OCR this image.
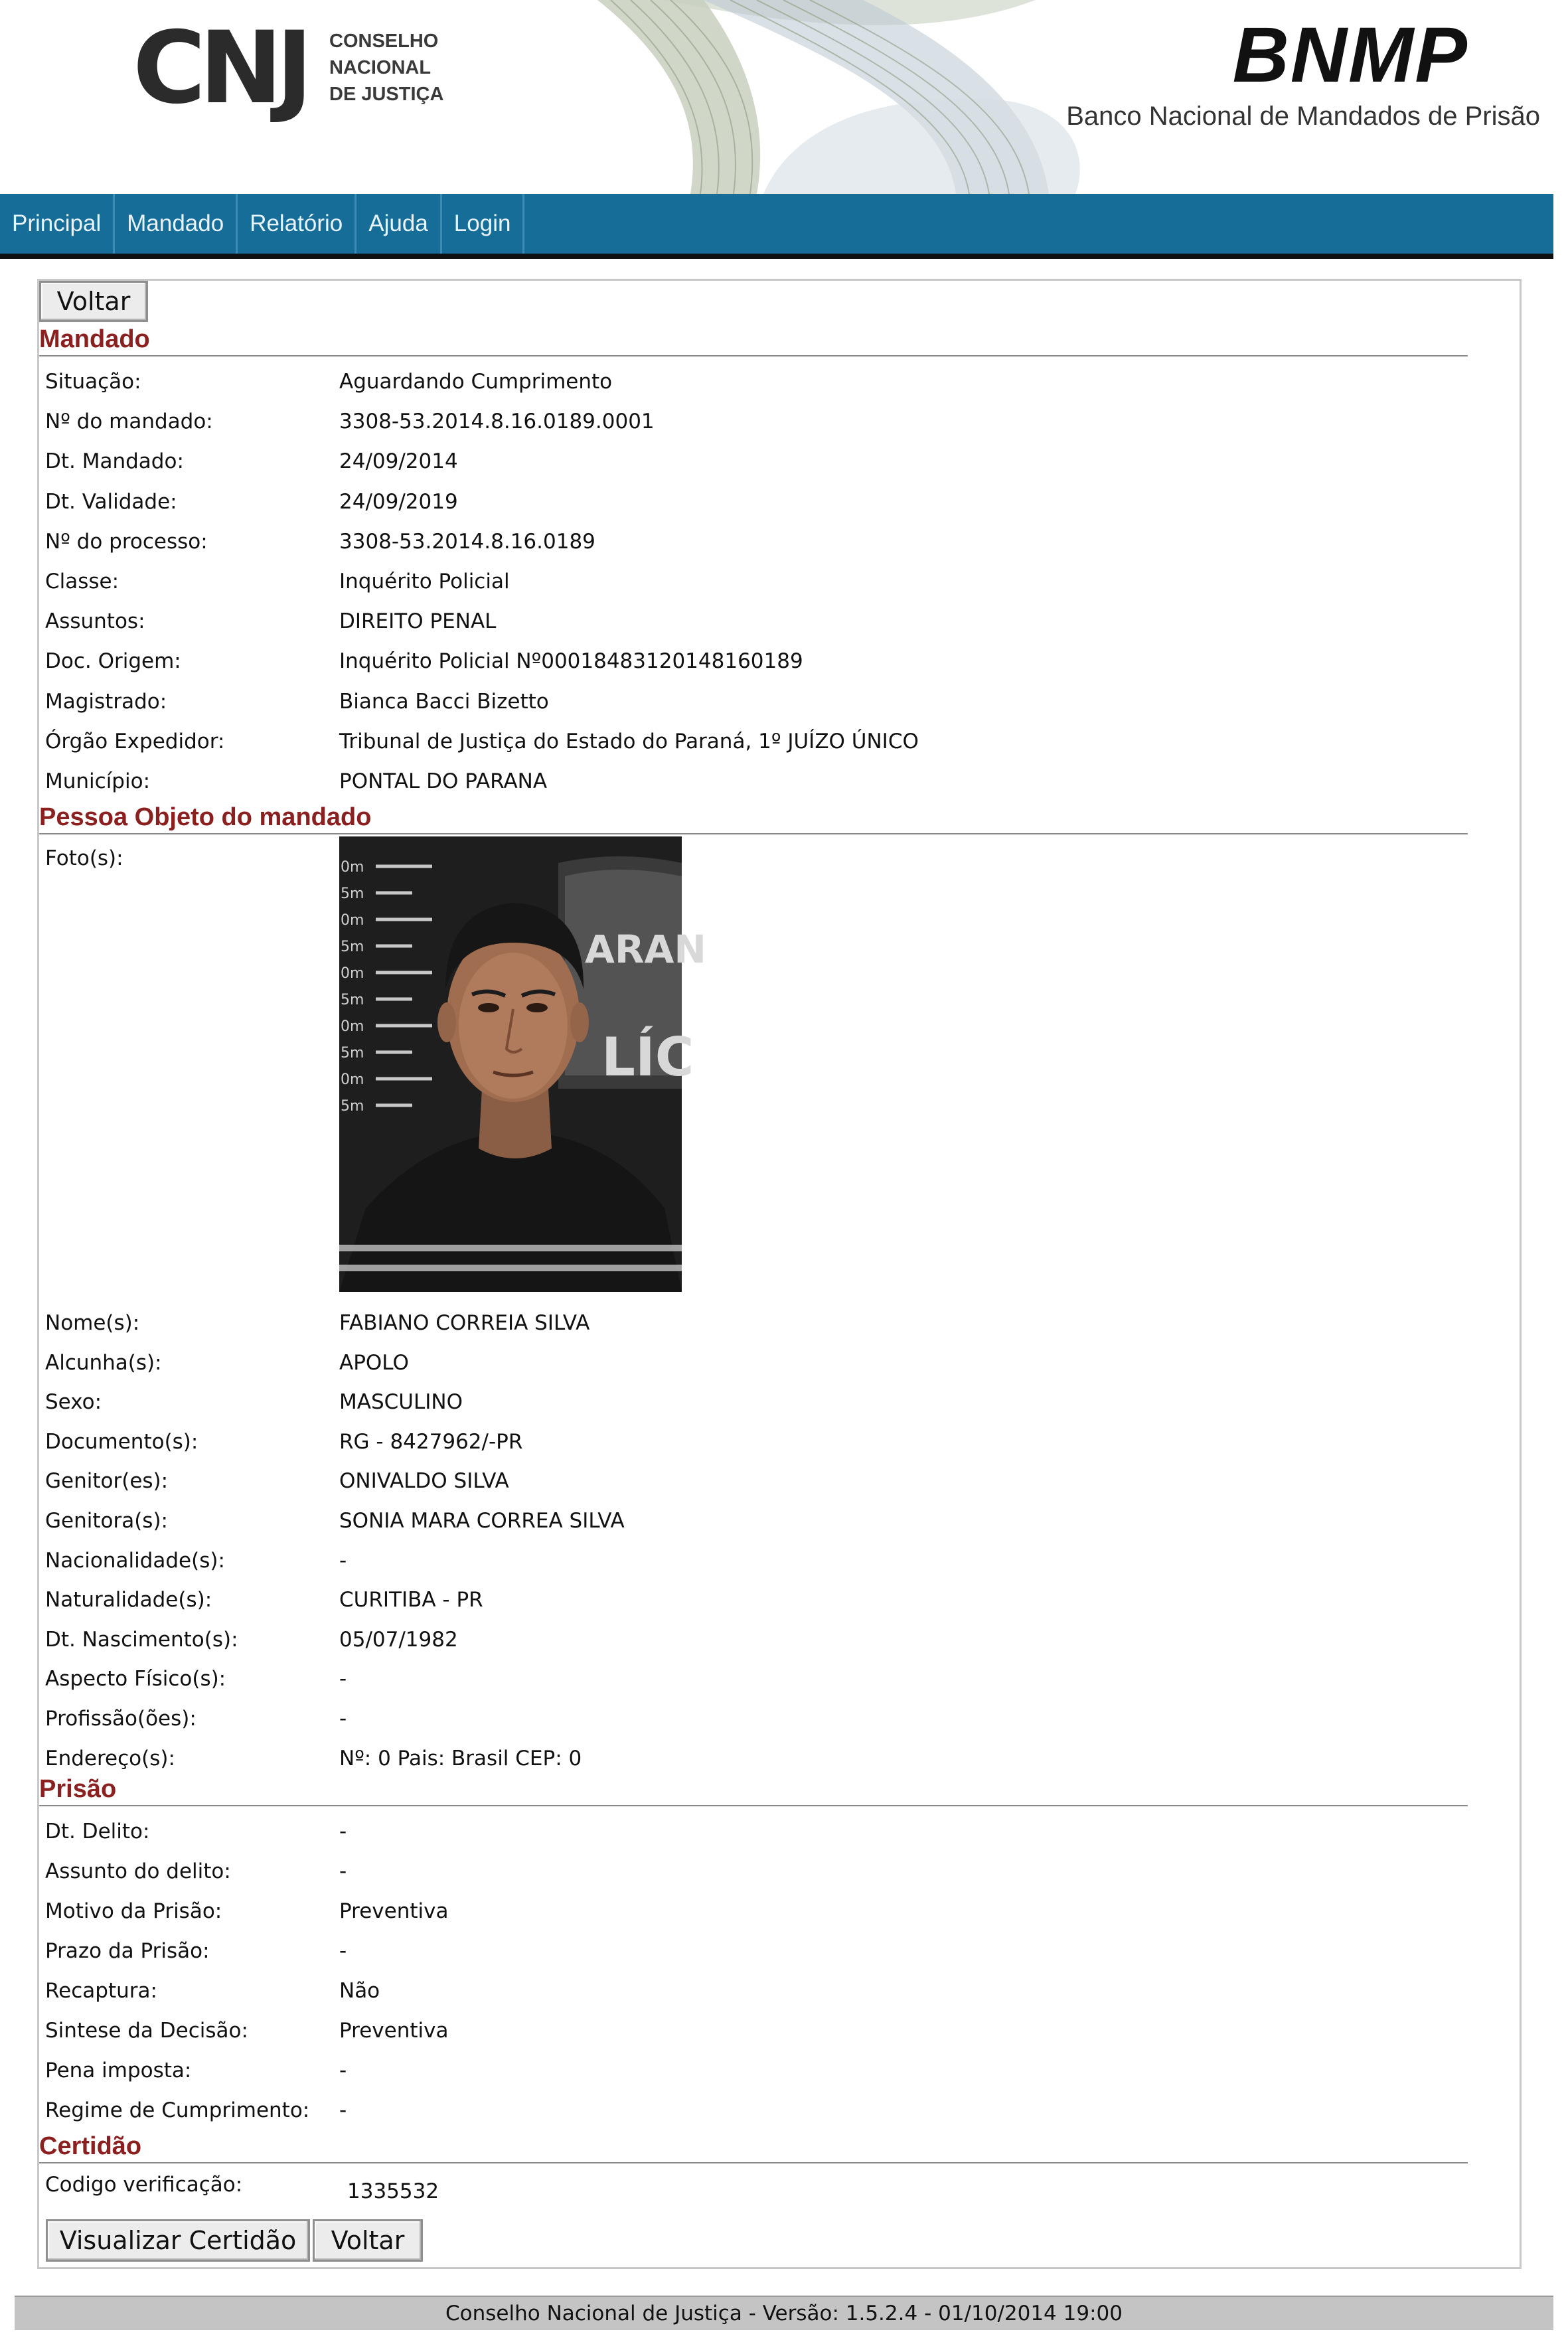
CNJ CONSELHO
NACIONAL
DE JUSTIÇA	BNMP
Banco Nacional de Mandados de Prisão
Principal	Mandado	Relatório	Ajuda	Login
Voltar
Mandado
Situação:	Aguardando Cumprimento
Nº do mandado:	3308-53.2014.8.16.0189.0001
Dt. Mandado:	24/09/2014
Dt. Validade:	24/09/2019
Nº do processo:	3308-53.2014.8.16.0189
Classe:	Inquérito Policial
Assuntos:	DIREITO PENAL
Doc. Origem:	Inquérito Policial Nº00018483120148160189
Magistrado:	Bianca Bacci Bizetto
Órgão Expedidor:	Tribunal de Justiça do Estado do Paraná, 1º JUÍZO ÚNICO
Município:	PONTAL DO PARANA
Pessoa Objeto do mandado
Foto(s):
ARAN
LÍC
0m
5m
0m
5m
0m
5m
0m
5m
0m
5m
Nome(s):	FABIANO CORREIA SILVA
Alcunha(s):	APOLO
Sexo:	MASCULINO
Documento(s):	RG - 8427962/-PR
Genitor(es):	ONIVALDO SILVA
Genitora(s):	SONIA MARA CORREA SILVA
Nacionalidade(s):	-
Naturalidade(s):	CURITIBA - PR
Dt. Nascimento(s):	05/07/1982
Aspecto Físico(s):	-
Profissão(ões):	-
Endereço(s):	Nº: 0 Pais: Brasil CEP: 0
Prisão
Dt. Delito:	-
Assunto do delito:	-
Motivo da Prisão:	Preventiva
Prazo da Prisão:	-
Recaptura:	Não
Sintese da Decisão:	Preventiva
Pena imposta:	-
Regime de Cumprimento: -
Certidão
Codigo verificação:	1335532
Visualizar Certidão	Voltar
Conselho Nacional de Justiça - Versão: 1.5.2.4 - 01/10/2014 19:00
